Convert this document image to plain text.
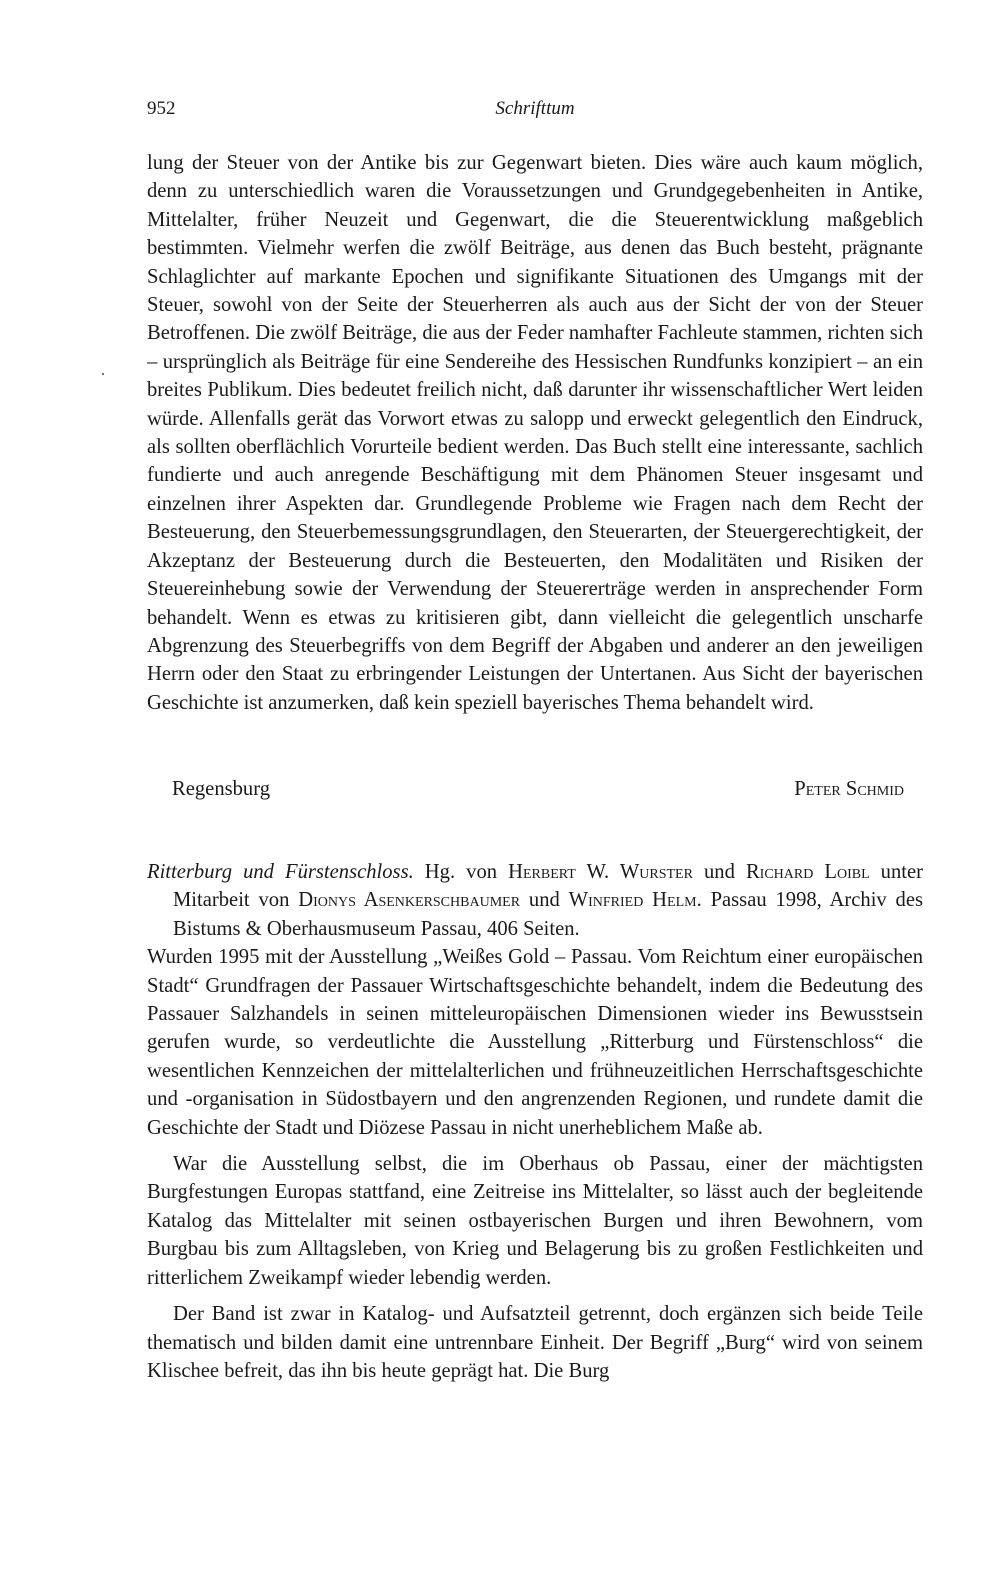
952	Schrifttum

lung der Steuer von der Antike bis zur Gegenwart bieten. Dies wäre auch kaum möglich, denn zu unterschiedlich waren die Voraussetzungen und Grundgegebenheiten in Antike, Mittelalter, früher Neuzeit und Gegenwart, die die Steuerentwicklung maßgeblich bestimmten. Vielmehr werfen die zwölf Beiträge, aus denen das Buch besteht, prägnante Schlaglichter auf markante Epochen und signifikante Situationen des Umgangs mit der Steuer, sowohl von der Seite der Steuerherren als auch aus der Sicht der von der Steuer Betroffenen. Die zwölf Beiträge, die aus der Feder namhafter Fachleute stammen, richten sich – ursprünglich als Beiträge für eine Sendereihe des Hessischen Rundfunks konzipiert – an ein breites Publikum. Dies bedeutet freilich nicht, daß darunter ihr wissenschaftlicher Wert leiden würde. Allenfalls gerät das Vorwort etwas zu salopp und erweckt gelegentlich den Eindruck, als sollten oberflächlich Vorurteile bedient werden. Das Buch stellt eine interessante, sachlich fundierte und auch anregende Beschäftigung mit dem Phänomen Steuer insgesamt und einzelnen ihrer Aspekten dar. Grundlegende Probleme wie Fragen nach dem Recht der Besteuerung, den Steuerbemessungsgrundlagen, den Steuerarten, der Steuergerechtigkeit, der Akzeptanz der Besteuerung durch die Besteuerten, den Modalitäten und Risiken der Steuereinhebung sowie der Verwendung der Steuererträge werden in ansprechender Form behandelt. Wenn es etwas zu kritisieren gibt, dann vielleicht die gelegentlich unscharfe Abgrenzung des Steuerbegriffs von dem Begriff der Abgaben und anderer an den jeweiligen Herrn oder den Staat zu erbringender Leistungen der Untertanen. Aus Sicht der bayerischen Geschichte ist anzumerken, daß kein speziell bayerisches Thema behandelt wird.

Regensburg	Peter Schmid

Ritterburg und Fürstenschloss. Hg. von Herbert W. Wurster und Richard Loibl unter Mitarbeit von Dionys Asenkerschbaumer und Winfried Helm. Passau 1998, Archiv des Bistums & Oberhausmuseum Passau, 406 Seiten.

Wurden 1995 mit der Ausstellung „Weißes Gold – Passau. Vom Reichtum einer europäischen Stadt“ Grundfragen der Passauer Wirtschaftsgeschichte behandelt, indem die Bedeutung des Passauer Salzhandels in seinen mitteleuropäischen Dimensionen wieder ins Bewusstsein gerufen wurde, so verdeutlichte die Ausstellung „Ritterburg und Fürstenschloss“ die wesentlichen Kennzeichen der mittelalterlichen und frühneuzeitlichen Herrschaftsgeschichte und -organisation in Südostbayern und den angrenzenden Regionen, und rundete damit die Geschichte der Stadt und Diözese Passau in nicht unerheblichem Maße ab.

War die Ausstellung selbst, die im Oberhaus ob Passau, einer der mächtigsten Burgfestungen Europas stattfand, eine Zeitreise ins Mittelalter, so lässt auch der begleitende Katalog das Mittelalter mit seinen ostbayerischen Burgen und ihren Bewohnern, vom Burgbau bis zum Alltagsleben, von Krieg und Belagerung bis zu großen Festlichkeiten und ritterlichem Zweikampf wieder lebendig werden.

Der Band ist zwar in Katalog- und Aufsatzteil getrennt, doch ergänzen sich beide Teile thematisch und bilden damit eine untrennbare Einheit. Der Begriff „Burg“ wird von seinem Klischee befreit, das ihn bis heute geprägt hat. Die Burg
